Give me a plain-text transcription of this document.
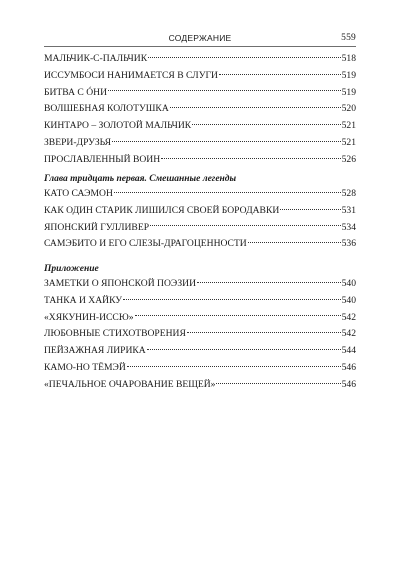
СОДЕРЖАНИЕ	559
МАЛЬЧИК-С-ПАЛЬЧИК	518
ИССУМБОСИ НАНИМАЕТСЯ В СЛУГИ	519
БИТВА С ÓНИ	519
ВОЛШЕБНАЯ КОЛОТУШКА	520
КИНТАРО – ЗОЛОТОЙ МАЛЬЧИК	521
ЗВЕРИ-ДРУЗЬЯ	521
ПРОСЛАВЛЕННЫЙ ВОИН	526
Глава тридцать первая. Смешанные легенды
КАТО САЭМОН	528
КАК ОДИН СТАРИК ЛИШИЛСЯ СВОЕЙ БОРОДАВКИ	531
ЯПОНСКИЙ ГУЛЛИВЕР	534
САМЭБИТО И ЕГО СЛЕЗЫ-ДРАГОЦЕННОСТИ	536
Приложение
ЗАМЕТКИ О ЯПОНСКОЙ ПОЭЗИИ	540
ТАНКА И ХАЙКУ	540
«ХЯКУНИН-ИССЮ»	542
ЛЮБОВНЫЕ СТИХОТВОРЕНИЯ	542
ПЕЙЗАЖНАЯ ЛИРИКА	544
КАМО-НО ТЁМЭЙ	546
«ПЕЧАЛЬНОЕ ОЧАРОВАНИЕ ВЕЩЕЙ»	546
